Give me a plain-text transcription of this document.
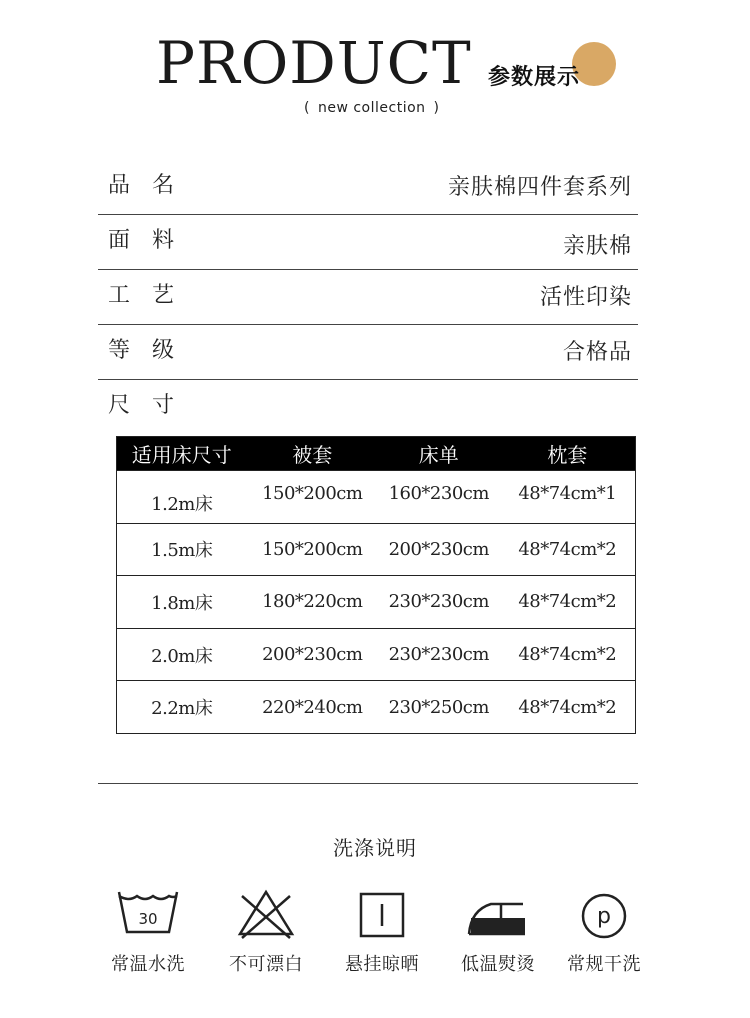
PRODUCT
( new collection )
参数展示
品名	亲肤棉四件套系列
面料	亲肤棉
工艺	活性印染
等级	合格品
尺寸
适用床尺寸	被套	床单	枕套
1.2m床	150*200cm	160*230cm	48*74cm*1
1.5m床	150*200cm	200*230cm	48*74cm*2
1.8m床	180*220cm	230*230cm	48*74cm*2
2.0m床	200*230cm	230*230cm	48*74cm*2
2.2m床	220*240cm	230*250cm	48*74cm*2
洗涤说明
30
常温水洗	不可漂白	悬挂晾晒	低温熨烫
p
常规干洗
